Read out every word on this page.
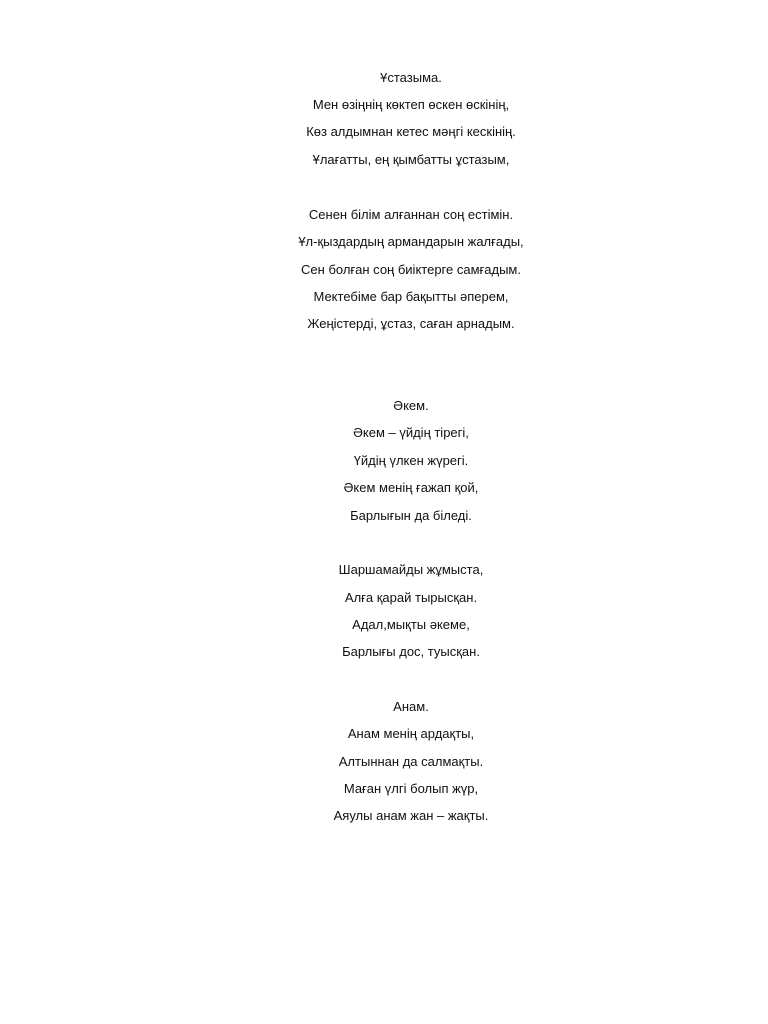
Ұстазыма.
Мен өзіңнің көктеп өскен өскінің,
Көз алдымнан кетес мәңгі кескінің.
Ұлағатты, ең қымбатты ұстазым,
Сенен білім алғаннан соң естімін.
Ұл-қыздардың армандарын жалғады,
Сен болған соң биіктерге самғадым.
Мектебіме бар бақытты әперем,
Жеңістерді, ұстаз, саған арнадым.
Әкем.
Әкем – үйдің тірегі,
Үйдің үлкен жүрегі.
Әкем менің ғажап қой,
Барлығын да біледі.
Шаршамайды жұмыста,
Алға қарай тырысқан.
Адал,мықты әкеме,
Барлығы дос, туысқан.
Анам.
Анам менің ардақты,
Алтыннан да салмақты.
Маған үлгі болып жүр,
Аяулы анам жан – жақты.
